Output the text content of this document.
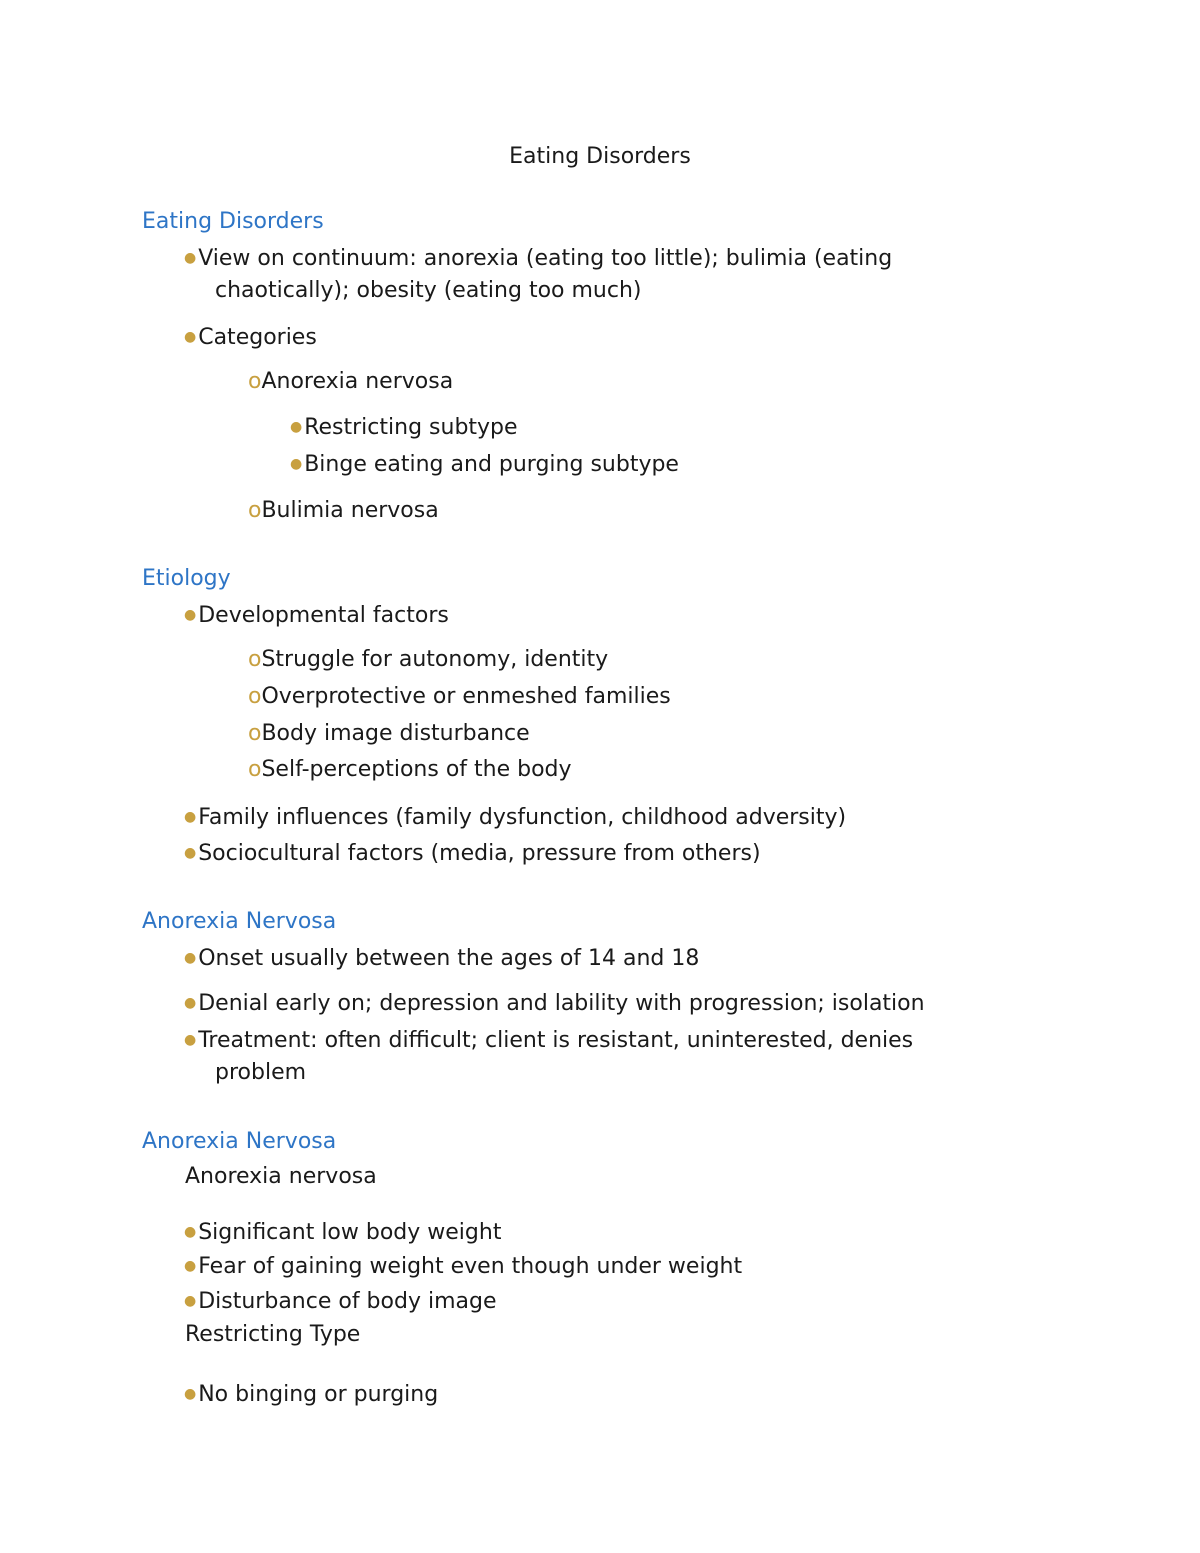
Eating Disorders
Eating Disorders
●View on continuum: anorexia (eating too little); bulimia (eating
chaotically); obesity (eating too much)
●Categories
oAnorexia nervosa
●Restricting subtype
●Binge eating and purging subtype
oBulimia nervosa
Etiology
●Developmental factors
oStruggle for autonomy, identity
oOverprotective or enmeshed families
oBody image disturbance
oSelf-perceptions of the body
●Family influences (family dysfunction, childhood adversity)
●Sociocultural factors (media, pressure from others)
Anorexia Nervosa
●Onset usually between the ages of 14 and 18
●Denial early on; depression and lability with progression; isolation
●Treatment: often difficult; client is resistant, uninterested, denies
problem
Anorexia Nervosa
Anorexia nervosa
●Significant low body weight
●Fear of gaining weight even though under weight
●Disturbance of body image
Restricting Type
●No binging or purging
